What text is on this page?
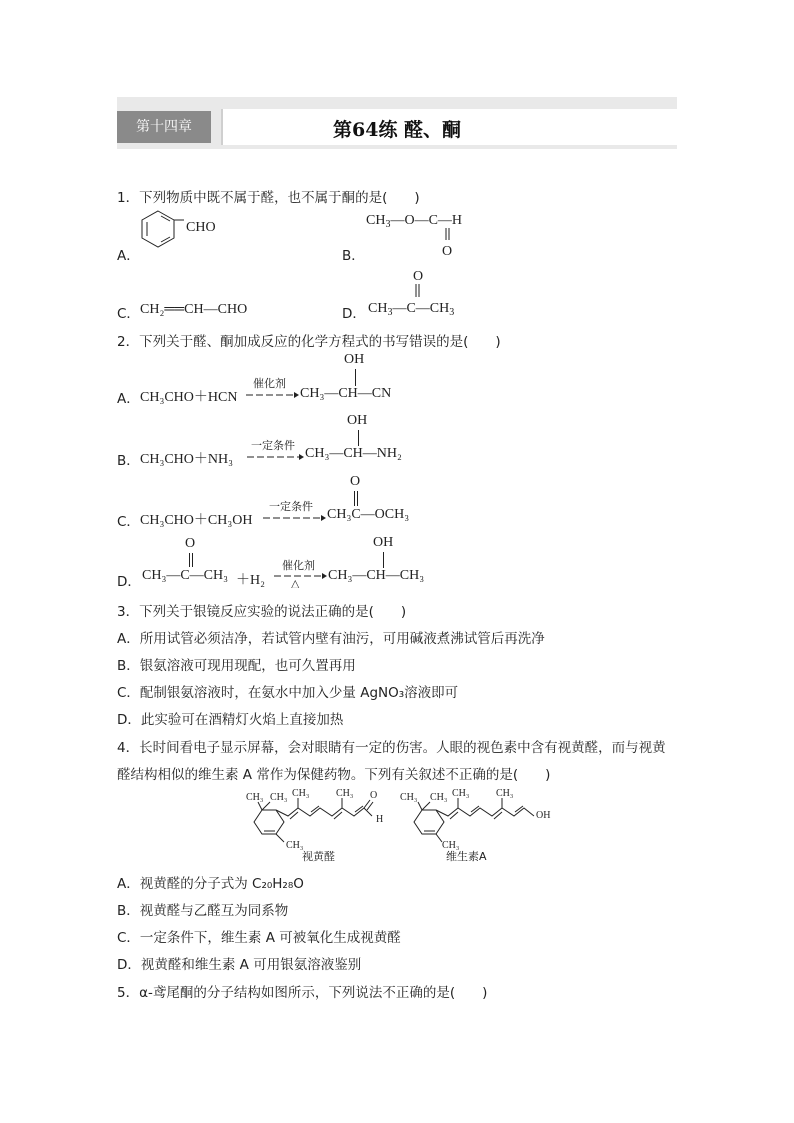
第十四章	第64练 醛、酮
1．下列物质中既不属于醛，也不属于酮的是(　　)
A．
CHO
B．
$CH_3—O—C—H$
O
C． CH₂══CH—CHO	D．
O
$CH_3—C—CH_3$
2．下列关于醛、酮加成反应的化学方程式的书写错误的是(　　)
A． CH₃CHO＋HCN
催化剂
CH₃—CH—CN
OH
B． CH₃CHO＋NH₃
一定条件
CH₃—CH—NH₂
OH
C． CH₃CHO＋CH₃OH
一定条件
CH₃C—OCH₃
O
D． CH₃—C—CH₃
O
＋H₂
催化剂
△
CH₃—CH—CH₃
OH
3．下列关于银镜反应实验的说法正确的是(　　)
A．所用试管必须洁净，若试管内壁有油污，可用碱液煮沸试管后再洗净
B．银氨溶液可现用现配，也可久置再用
C．配制银氨溶液时，在氨水中加入少量 AgNO₃溶液即可
D．此实验可在酒精灯火焰上直接加热
4．长时间看电子显示屏幕，会对眼睛有一定的伤害。人眼的视色素中含有视黄醛，而与视黄
醛结构相似的维生素 A 常作为保健药物。下列有关叙述不正确的是(　　)
CH₃ CH₃
CH₃
CH₃	CH₃ O
H
视黄醛
CH₃ CH₃
CH₃
CH₃	CH₃
OH
维生素A
A．视黄醛的分子式为 C₂₀H₂₈O
B．视黄醛与乙醛互为同系物
C．一定条件下，维生素 A 可被氧化生成视黄醛
D．视黄醛和维生素 A 可用银氨溶液鉴别
5．α-鸢尾酮的分子结构如图所示，下列说法不正确的是(　　)
